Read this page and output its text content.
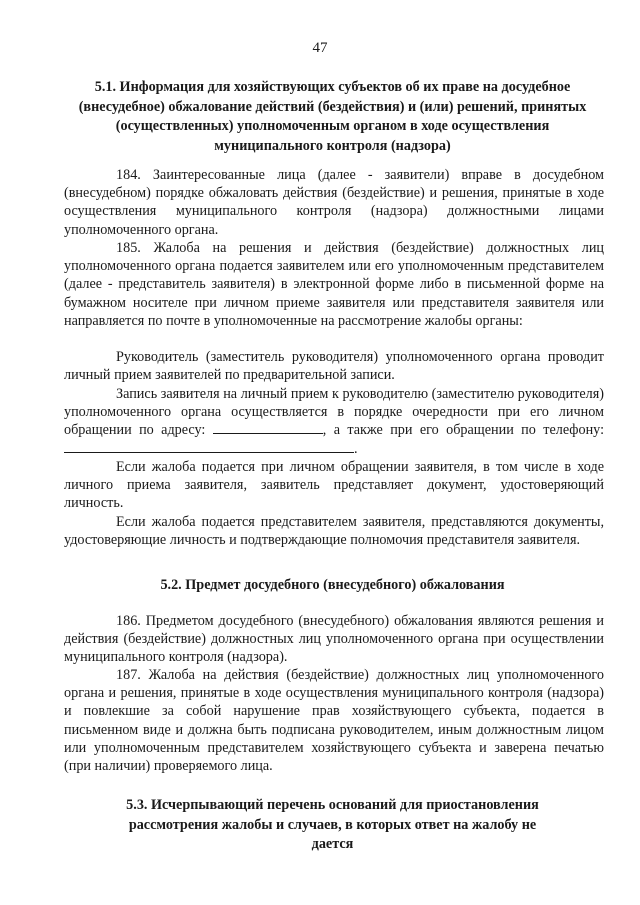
47
5.1. Информация для хозяйствующих субъектов об их праве на досудебное (внесудебное) обжалование действий (бездействия) и (или) решений, принятых (осуществленных) уполномоченным органом в ходе осуществления муниципального контроля (надзора)
184. Заинтересованные лица (далее - заявители) вправе в досудебном (внесудебном) порядке обжаловать действия (бездействие) и решения, принятые в ходе осуществления муниципального контроля (надзора) должностными лицами уполномоченного органа.
185. Жалоба на решения и действия (бездействие) должностных лиц уполномоченного органа подается заявителем или его уполномоченным представителем (далее - представитель заявителя) в электронной форме либо в письменной форме на бумажном носителе при личном приеме заявителя или представителя заявителя или направляется по почте в уполномоченные на рассмотрение жалобы органы:
Руководитель (заместитель руководителя) уполномоченного органа проводит личный прием заявителей по предварительной записи.
Запись заявителя на личный прием к руководителю (заместителю руководителя) уполномоченного органа осуществляется в порядке очередности при его личном обращении по адресу:	, а также при его обращении по телефону: .
Если жалоба подается при личном обращении заявителя, в том числе в ходе личного приема заявителя, заявитель представляет документ, удостоверяющий личность.
Если жалоба подается представителем заявителя, представляются документы, удостоверяющие личность и подтверждающие полномочия представителя заявителя.
5.2. Предмет досудебного (внесудебного) обжалования
186. Предметом досудебного (внесудебного) обжалования являются решения и действия (бездействие) должностных лиц уполномоченного органа при осуществлении муниципального контроля (надзора).
187. Жалоба на действия (бездействие) должностных лиц уполномоченного органа и решения, принятые в ходе осуществления муниципального контроля (надзора) и повлекшие за собой нарушение прав хозяйствующего субъекта, подается в письменном виде и должна быть подписана руководителем, иным должностным лицом или уполномоченным представителем хозяйствующего субъекта и заверена печатью (при наличии) проверяемого лица.
5.3. Исчерпывающий перечень оснований для приостановления рассмотрения жалобы и случаев, в которых ответ на жалобу не дается
